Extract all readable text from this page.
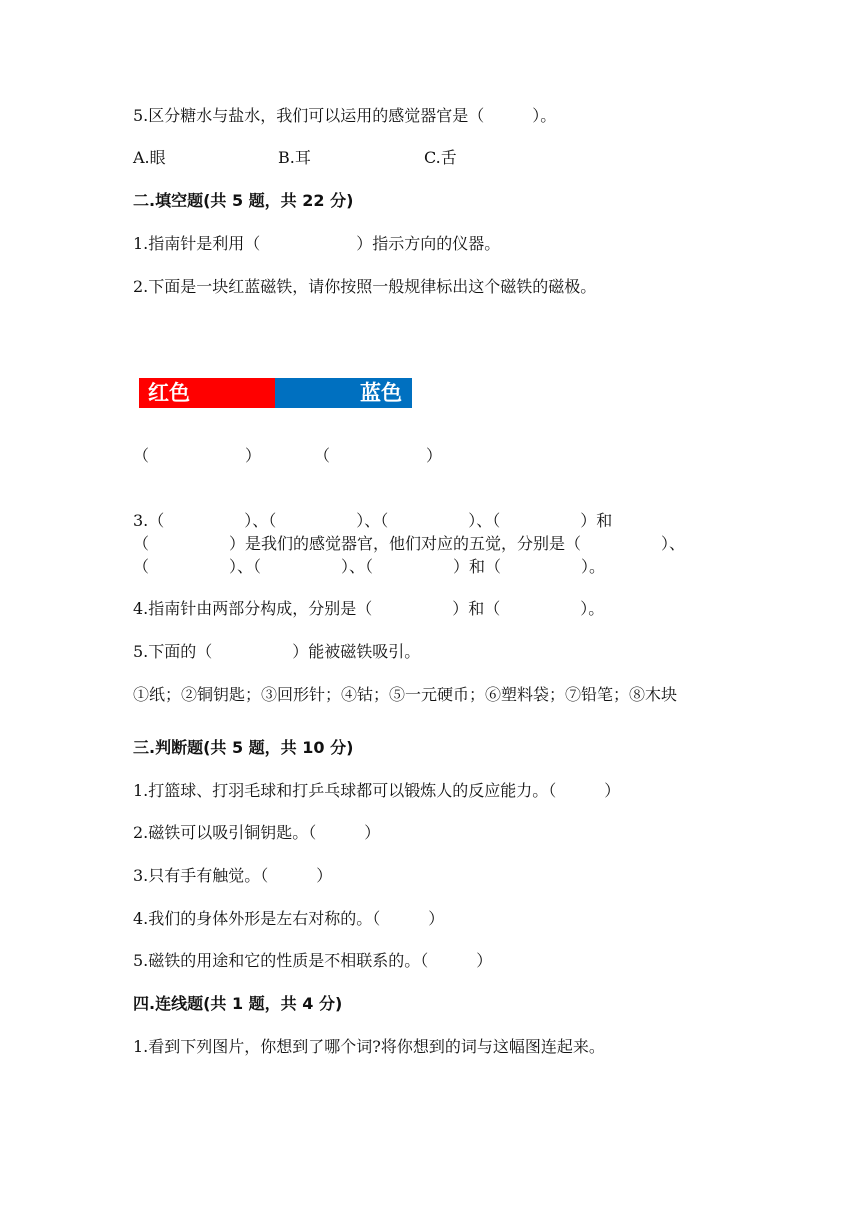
5.区分糖水与盐水，我们可以运用的感觉器官是（　　　）。
A.眼	B.耳	C.舌
二.填空题(共 5 题，共 22 分)
1.指南针是利用（　　　　　　）指示方向的仪器。
2.下面是一块红蓝磁铁，请你按照一般规律标出这个磁铁的磁极。
红色	蓝色
（　　　　　　）	（　　　　　　）
3.（　　　　　）、（　　　　　）、（　　　　　）、（　　　　　）和
（　　　　　）是我们的感觉器官，他们对应的五觉，分别是（　　　　　）、
（　　　　　）、（　　　　　）、（　　　　　）和（　　　　　）。
4.指南针由两部分构成，分别是（　　　　　）和（　　　　　）。
5.下面的（　　　　　）能被磁铁吸引。
①纸；②铜钥匙；③回形针；④钴；⑤一元硬币；⑥塑料袋；⑦铅笔；⑧木块
三.判断题(共 5 题，共 10 分)
1.打篮球、打羽毛球和打乒乓球都可以锻炼人的反应能力。（　　　）
2.磁铁可以吸引铜钥匙。（　　　）
3.只有手有触觉。（　　　）
4.我们的身体外形是左右对称的。（　　　）
5.磁铁的用途和它的性质是不相联系的。（　　　）
四.连线题(共 1 题，共 4 分)
1.看到下列图片，你想到了哪个词?将你想到的词与这幅图连起来。
